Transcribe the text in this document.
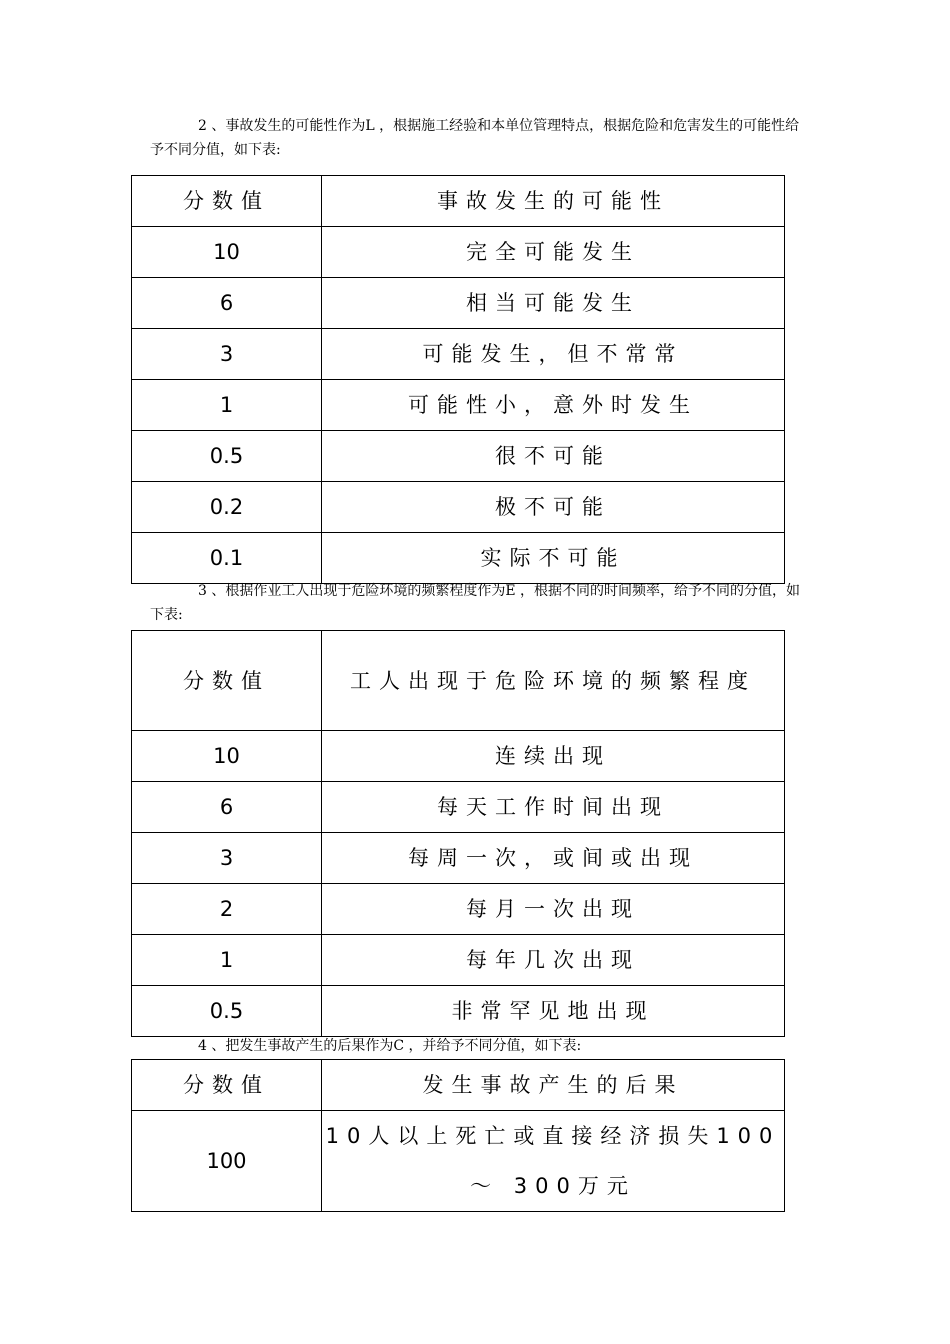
2 、事故发生的可能性作为L ，根据施工经验和本单位管理特点，根据危险和危害发生的可能性给予不同分值，如下表:

分数值	事故发生的可能性
10	完全可能发生
6	相当可能发生
3	可能发生，但不常常
1	可能性小，意外时发生
0.5	很不可能
0.2	极不可能
0.1	实际不可能

3 、根据作业工人出现于危险环境的频繁程度作为E ，根据不同的时间频率，给予不同的分值，如下表:

分数值	工人出现于危险环境的频繁程度
10	连续出现
6	每天工作时间出现
3	每周一次，或间或出现
2	每月一次出现
1	每年几次出现
0.5	非常罕见地出现

4 、把发生事故产生的后果作为C ，并给予不同分值，如下表:

分数值	发生事故产生的后果
100	10人以上死亡或直接经济损失100 ～ 300万元
